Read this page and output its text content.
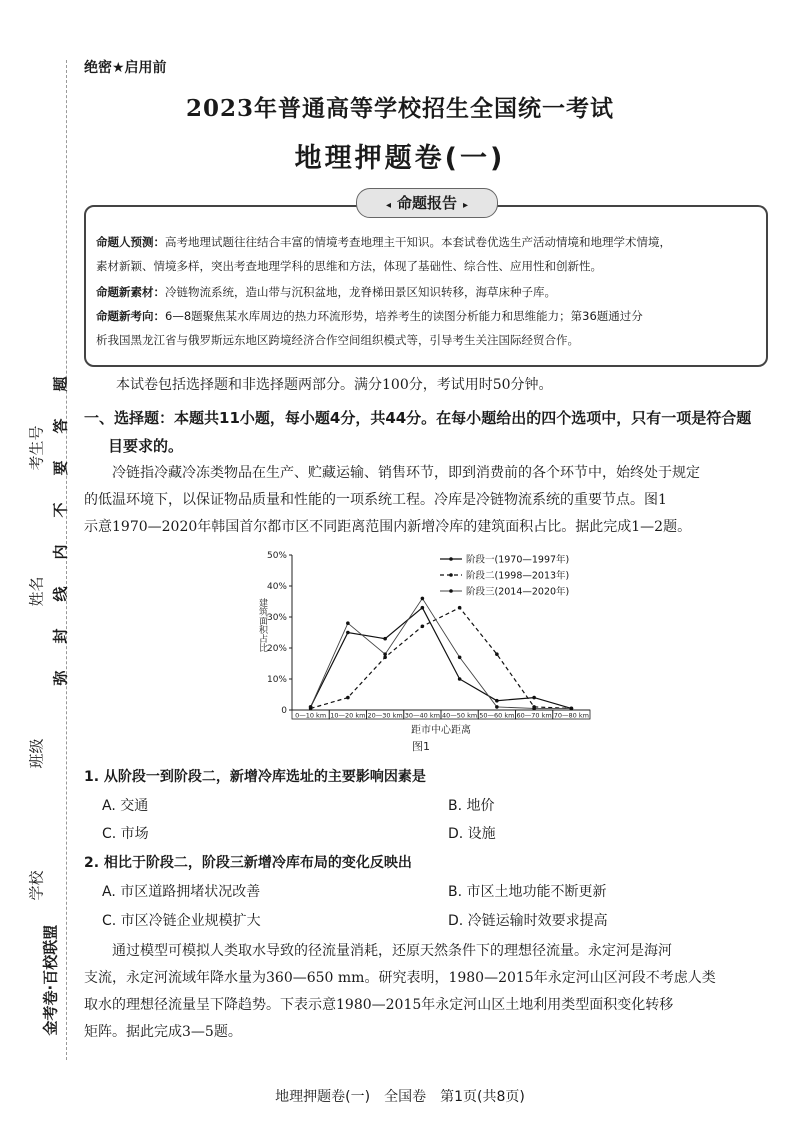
弥　封　线　内　不　要　答　题
金考卷·百校联盟
学校
班级
姓名
考生号
绝密★启用前
2023年普通高等学校招生全国统一考试
地理押题卷(一)
◂ 命题报告 ▸
命题人预测：高考地理试题往往结合丰富的情境考查地理主干知识。本套试卷优选生产活动情境和地理学术情境，
素材新颖、情境多样，突出考查地理学科的思维和方法，体现了基础性、综合性、应用性和创新性。
命题新素材：冷链物流系统，造山带与沉积盆地，龙脊梯田景区知识转移，海草床种子库。
命题新考向：6—8题聚焦某水库周边的热力环流形势，培养考生的读图分析能力和思维能力；第36题通过分
析我国黑龙江省与俄罗斯远东地区跨境经济合作空间组织模式等，引导考生关注国际经贸合作。
本试卷包括选择题和非选择题两部分。满分100分，考试用时50分钟。
一、选择题：本题共11小题，每小题4分，共44分。在每小题给出的四个选项中，只有一项是符合题
目要求的。
冷链指冷藏冷冻类物品在生产、贮藏运输、销售环节，即到消费前的各个环节中，始终处于规定
的低温环境下，以保证物品质量和性能的一项系统工程。冷库是冷链物流系统的重要节点。图1
示意1970—2020年韩国首尔都市区不同距离范围内新增冷库的建筑面积占比。据此完成1—2题。
0
10%
20%
30%
40%
50%
0—10 km 10—20 km 20—30 km 30—40 km 40—50 km 50—60 km 60—70 km 70—80 km
距市中心距离
图1
建筑面积占比
阶段一(1970—1997年)
阶段二(1998—2013年)
阶段三(2014—2020年)
1. 从阶段一到阶段二，新增冷库选址的主要影响因素是
A. 交通	B. 地价
C. 市场	D. 设施
2. 相比于阶段二，阶段三新增冷库布局的变化反映出
A. 市区道路拥堵状况改善	B. 市区土地功能不断更新
C. 市区冷链企业规模扩大	D. 冷链运输时效要求提高
通过模型可模拟人类取水导致的径流量消耗，还原天然条件下的理想径流量。永定河是海河
支流，永定河流域年降水量为360—650 mm。研究表明，1980—2015年永定河山区河段不考虑人类
取水的理想径流量呈下降趋势。下表示意1980—2015年永定河山区土地利用类型面积变化转移
矩阵。据此完成3—5题。
地理押题卷(一)　全国卷　第1页(共8页)
